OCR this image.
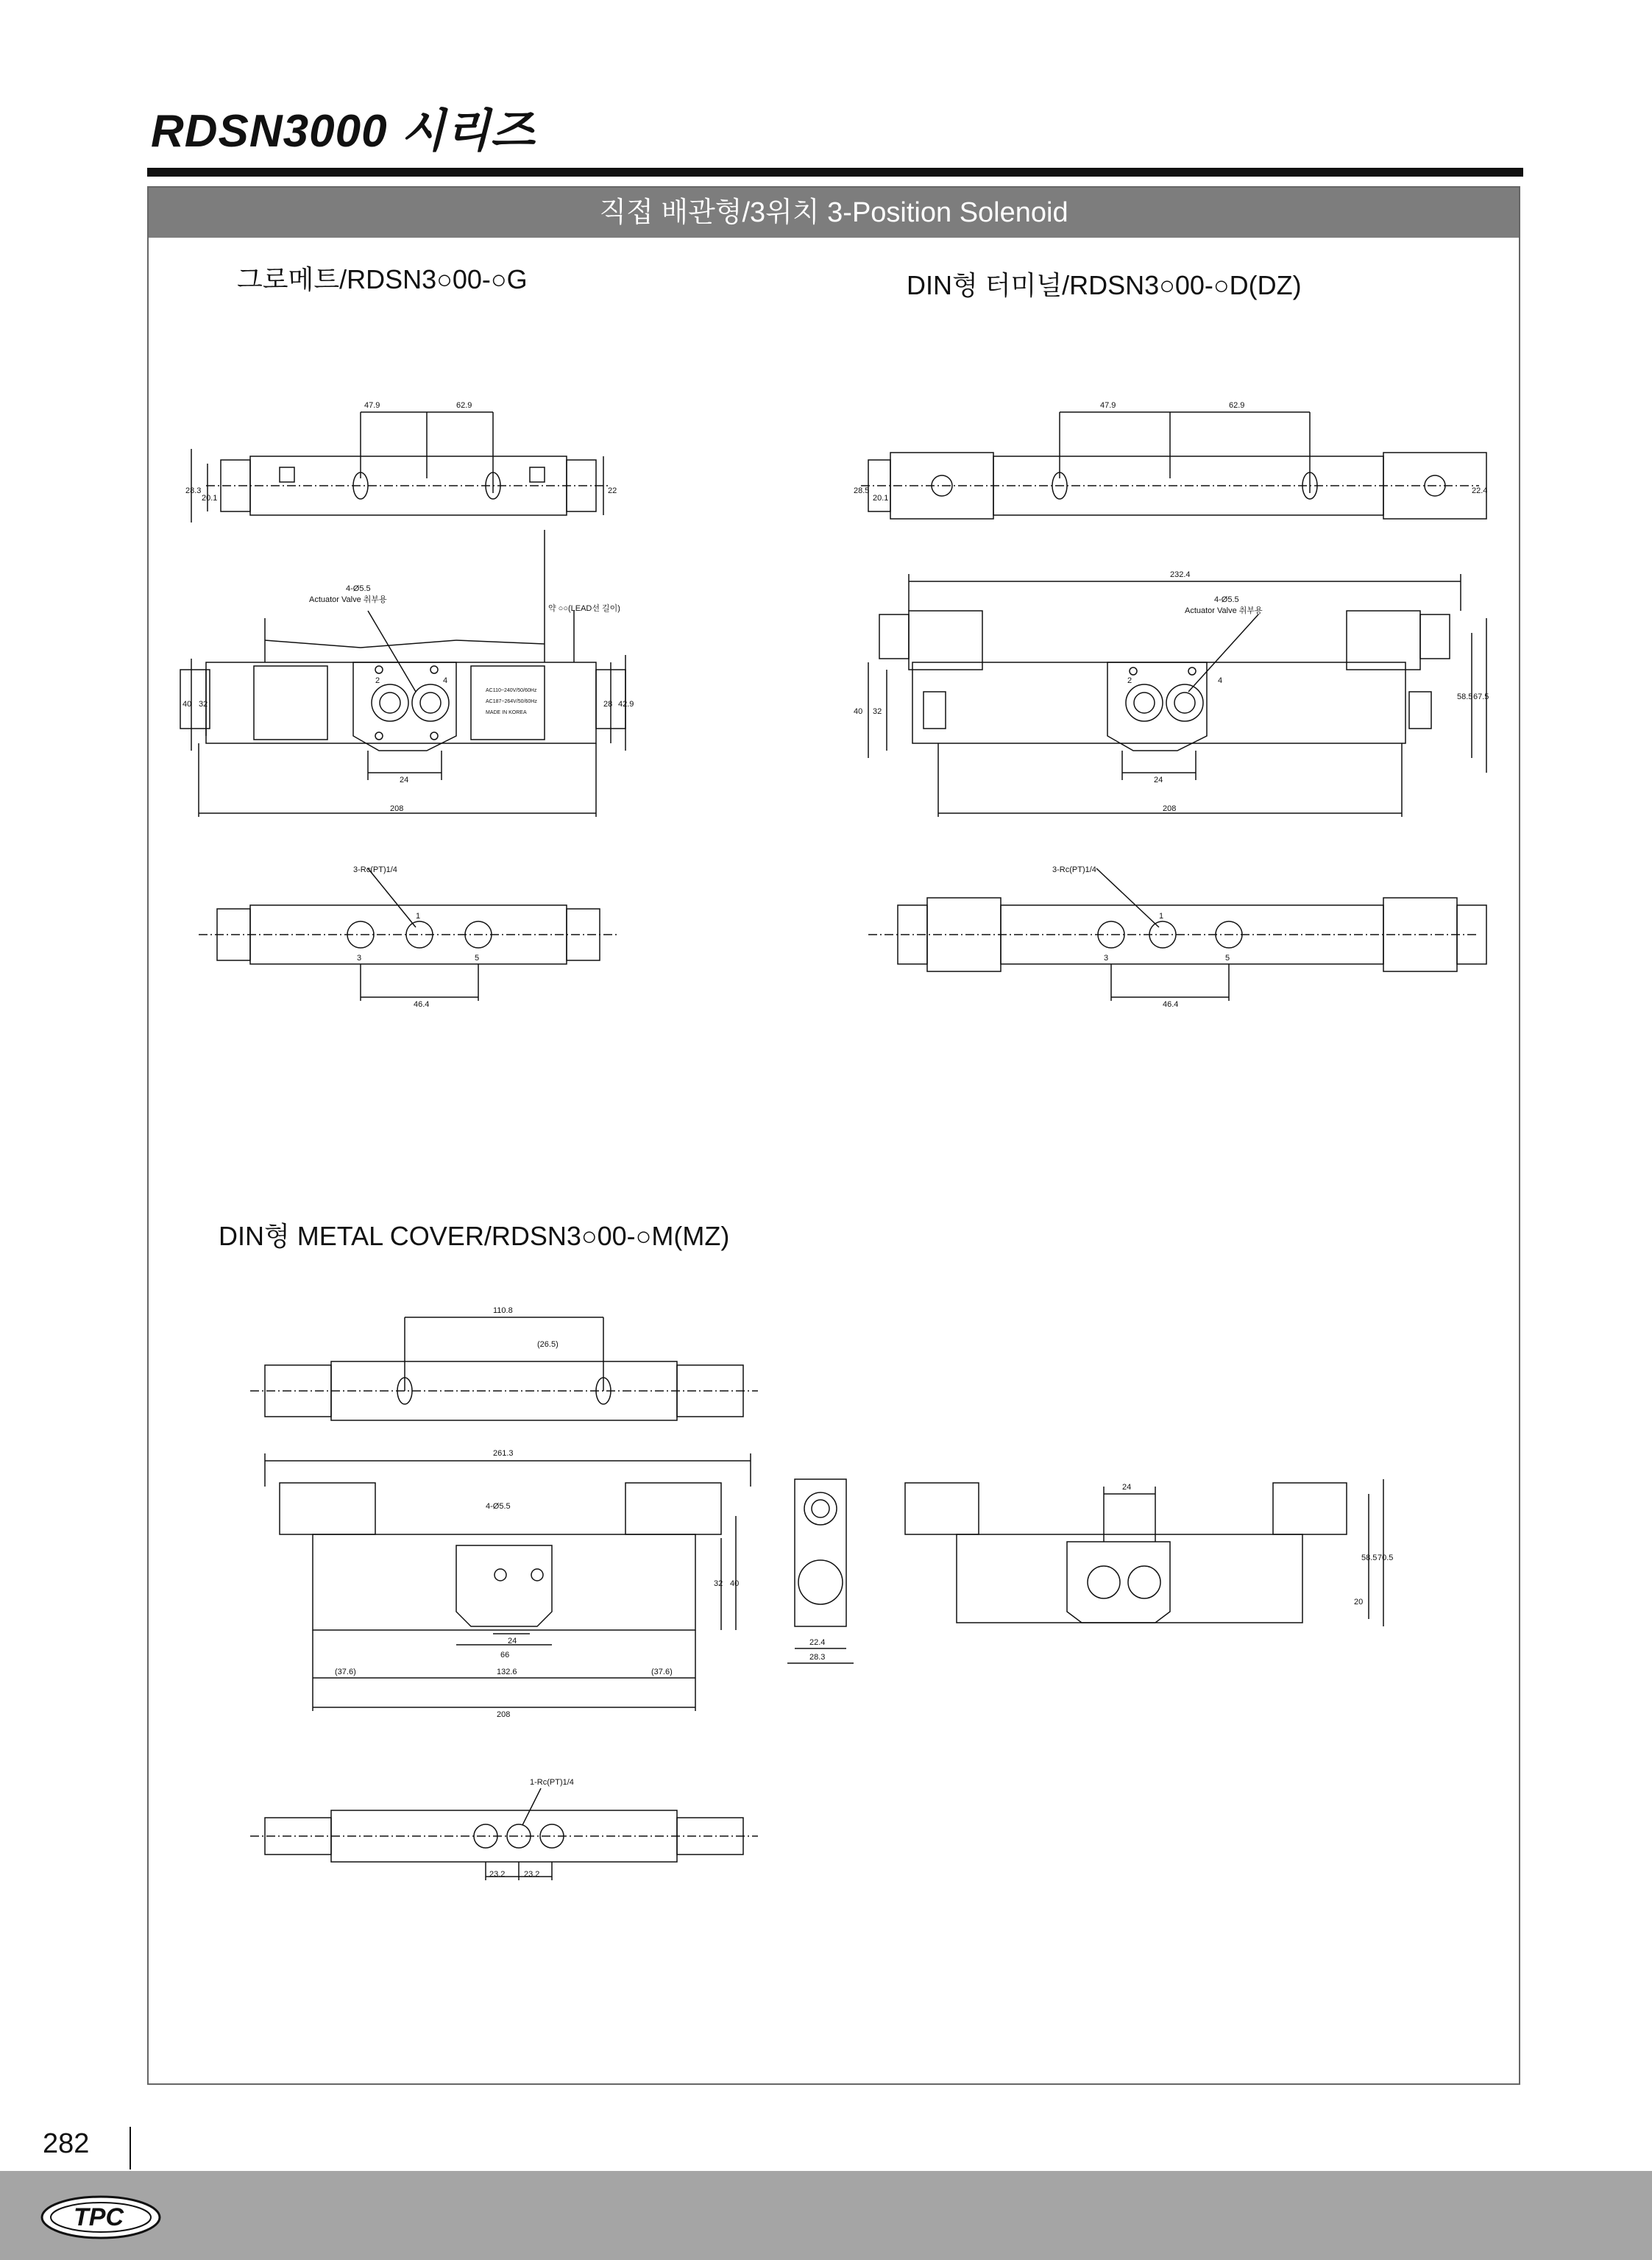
RDSN3000 시리즈
직접 배관형/3위치 3-Position Solenoid
그로메트/RDSN3○00-○G	DIN형 터미널/RDSN3○00-○D(DZ)
DIN형 METAL COVER/RDSN3○00-○M(MZ)
47.9	62.9
28.3
20.1
22
약 ○○(LEAD선 길이)
4-Ø5.5
Actuator Valve 취부용
40 32	28 42.9
2	4
24
208
3-Rc(PT)1/4
1
3	5
46.4
AC110~240V/50/60Hz
AC187~264V/50/60Hz
MADE IN KOREA
47.9	62.9
28.5
20.1
22.4
232.4
4-Ø5.5
Actuator Valve 취부용
40 32
58.5 67.5
2	4
24
208
3-Rc(PT)1/4
1
3	5
46.4
110.8
(26.5)
261.3
4-Ø5.5
32 40
24
66
(37.6)	132.6	(37.6)
208
22.4
28.3
24
58.5 70.5
20
1-Rc(PT)1/4
23.2 23.2
282
TPC
